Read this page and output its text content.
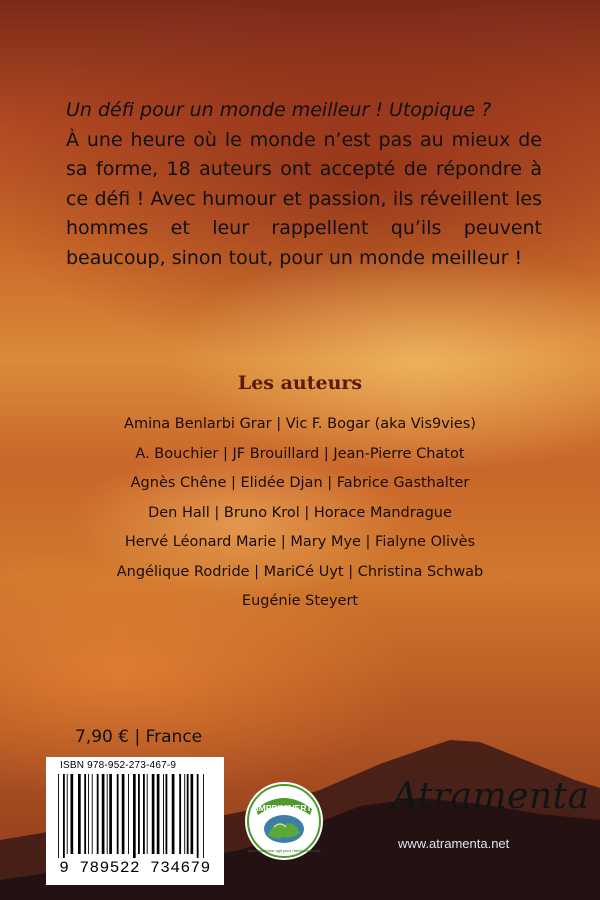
Un défi pour un monde meilleur ! Utopique ?

À une heure où le monde n’est pas au mieux de sa forme, 18 auteurs ont accepté de répondre à ce défi ! Avec humour et passion, ils réveillent les hommes et leur rappellent qu’ils peuvent beaucoup, sinon tout, pour un monde meilleur !

Les auteurs
Amina Benlarbi Grar | Vic F. Bogar (aka Vis9vies)
A. Bouchier | JF Brouillard | Jean-Pierre Chatot
Agnès Chêne | Elidée Djan | Fabrice Gasthalter
Den Hall | Bruno Krol | Horace Mandrague
Hervé Léonard Marie | Mary Mye | Fialyne Olivès
Angélique Rodride | MariCé Uyt | Christina Schwab
Eugénie Steyert
7,90 € | France
ISBN 978-952-273-467-9
9 789522 734679
IMPRIM'VERT
mon imprimeur agit pour l'environnement
Atramenta
www.atramenta.net
